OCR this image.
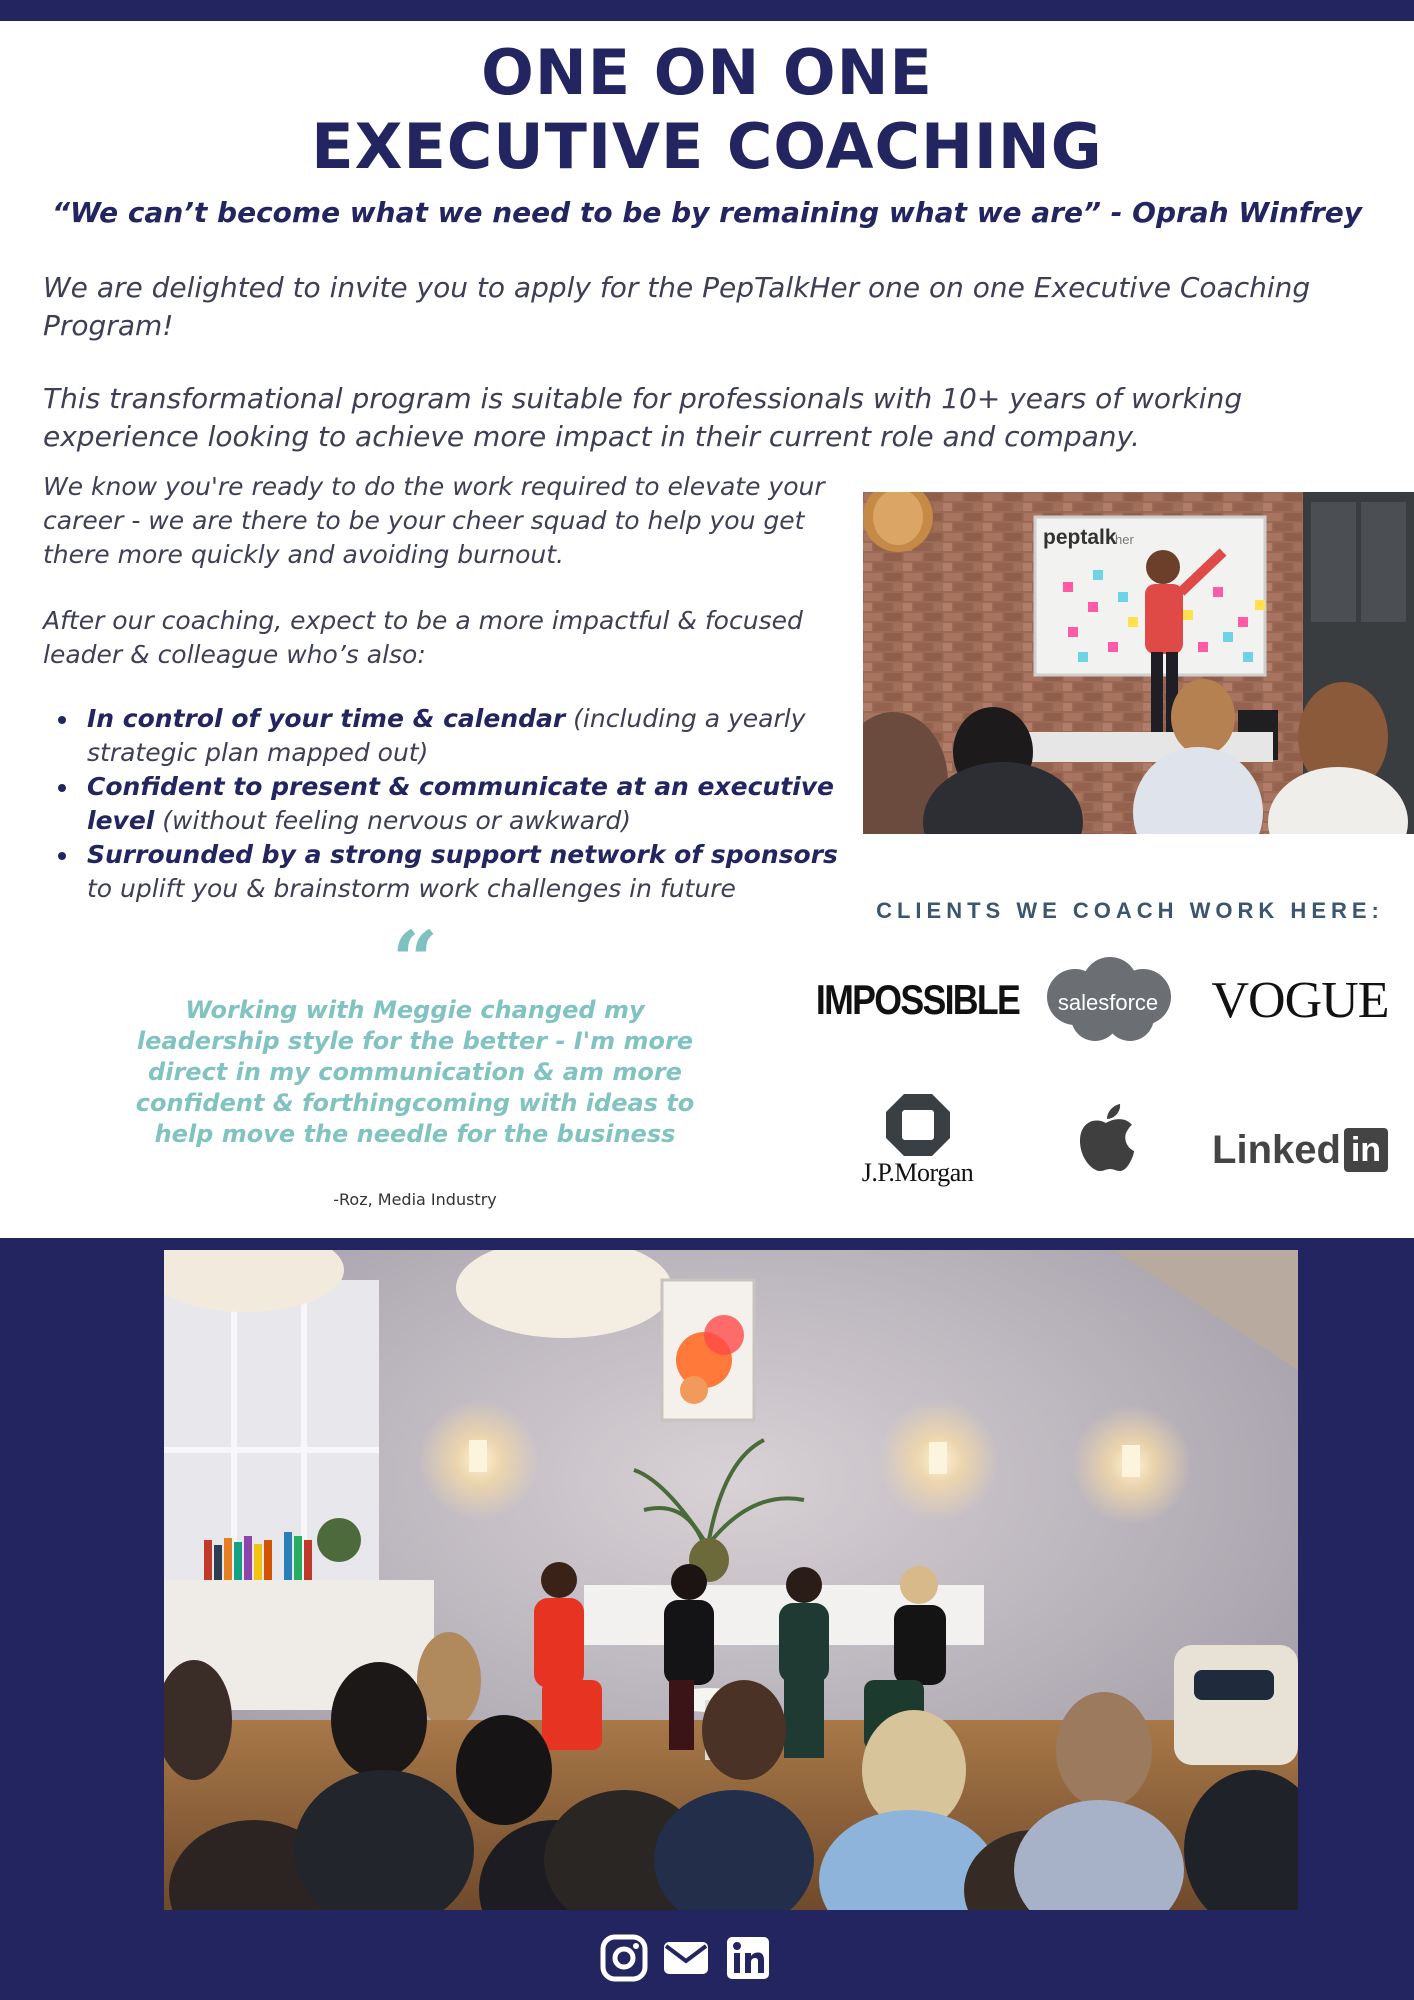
ONE ON ONE
EXECUTIVE COACHING
“We can’t become what we need to be by remaining what we are” - Oprah Winfrey

We are delighted to invite you to apply for the PepTalkHer one on one Executive Coaching Program!

This transformational program is suitable for professionals with 10+ years of working experience looking to achieve more impact in their current role and company.

We know you're ready to do the work required to elevate your career - we are there to be your cheer squad to help you get there more quickly and avoiding burnout.

After our coaching, expect to be a more impactful & focused leader & colleague who’s also:

In control of your time & calendar (including a yearly strategic plan mapped out)
Confident to present & communicate at an executive level (without feeling nervous or awkward)
Surrounded by a strong support network of sponsors to uplift you & brainstorm work challenges in future
peptalk
her
“
Working with Meggie changed my leadership style for the better - I'm more direct in my communication & am more confident & forthingcoming with ideas to help move the needle for the business
-Roz, Media Industry
CLIENTS WE COACH WORK HERE:
IMPOSSIBLE salesforce VOGUE
J.P.Morgan
Linked in
